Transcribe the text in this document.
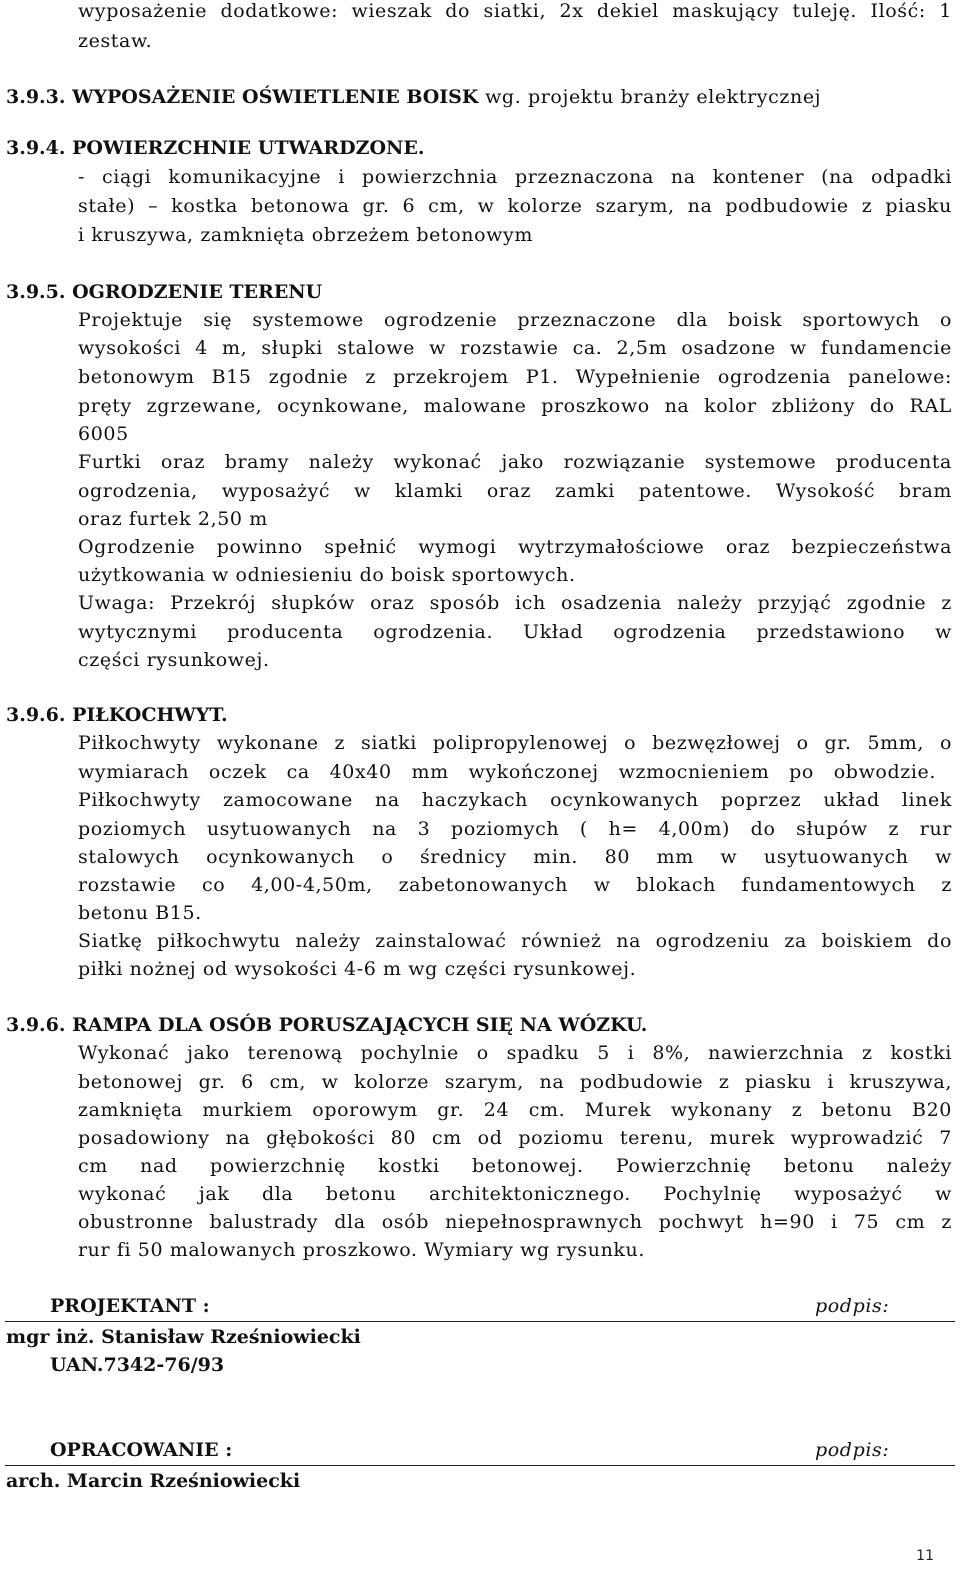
wyposażenie dodatkowe: wieszak do siatki, 2x dekiel maskujący tuleję. Ilość: 1
zestaw.
3.9.3. WYPOSAŻENIE OŚWIETLENIE BOISK wg. projektu branży elektrycznej
3.9.4. POWIERZCHNIE UTWARDZONE.
- ciągi komunikacyjne i powierzchnia przeznaczona na kontener (na odpadki
stałe) – kostka betonowa gr. 6 cm, w kolorze szarym, na podbudowie z piasku
i kruszywa, zamknięta obrzeżem betonowym
3.9.5. OGRODZENIE TERENU
Projektuje się systemowe ogrodzenie przeznaczone dla boisk sportowych o
wysokości 4 m, słupki stalowe w rozstawie ca. 2,5m osadzone w fundamencie
betonowym B15 zgodnie z przekrojem P1. Wypełnienie ogrodzenia panelowe:
pręty zgrzewane, ocynkowane, malowane proszkowo na kolor zbliżony do RAL
6005
Furtki oraz bramy należy wykonać jako rozwiązanie systemowe producenta
ogrodzenia, wyposażyć w klamki oraz zamki patentowe. Wysokość bram
oraz furtek 2,50 m
Ogrodzenie powinno spełnić wymogi wytrzymałościowe oraz bezpieczeństwa
użytkowania w odniesieniu do boisk sportowych.
Uwaga: Przekrój słupków oraz sposób ich osadzenia należy przyjąć zgodnie z
wytycznymi producenta ogrodzenia. Układ ogrodzenia przedstawiono w
części rysunkowej.
3.9.6. PIŁKOCHWYT.
Piłkochwyty wykonane z siatki polipropylenowej o bezwęzłowej o gr. 5mm, o
wymiarach oczek ca 40x40 mm wykończonej wzmocnieniem po obwodzie.
Piłkochwyty zamocowane na haczykach ocynkowanych poprzez układ linek
poziomych usytuowanych na 3 poziomych ( h= 4,00m) do słupów z rur
stalowych ocynkowanych o średnicy min. 80 mm w usytuowanych w
rozstawie co 4,00-4,50m, zabetonowanych w blokach fundamentowych z
betonu B15.
Siatkę piłkochwytu należy zainstalować również na ogrodzeniu za boiskiem do
piłki nożnej od wysokości 4-6 m wg części rysunkowej.
3.9.6. RAMPA DLA OSÓB PORUSZAJĄCYCH SIĘ NA WÓZKU.
Wykonać jako terenową pochylnie o spadku 5 i 8%, nawierzchnia z kostki
betonowej gr. 6 cm, w kolorze szarym, na podbudowie z piasku i kruszywa,
zamknięta murkiem oporowym gr. 24 cm. Murek wykonany z betonu B20
posadowiony na głębokości 80 cm od poziomu terenu, murek wyprowadzić 7
cm nad powierzchnię kostki betonowej. Powierzchnię betonu należy
wykonać jak dla betonu architektonicznego. Pochylnię wyposażyć w
obustronne balustrady dla osób niepełnosprawnych pochwyt h=90 i 75 cm z
rur fi 50 malowanych proszkowo. Wymiary wg rysunku.
PROJEKTANT :	podpis:
mgr inż. Stanisław Rześniowiecki
UAN.7342-76/93
OPRACOWANIE :	podpis:
arch. Marcin Rześniowiecki
11
